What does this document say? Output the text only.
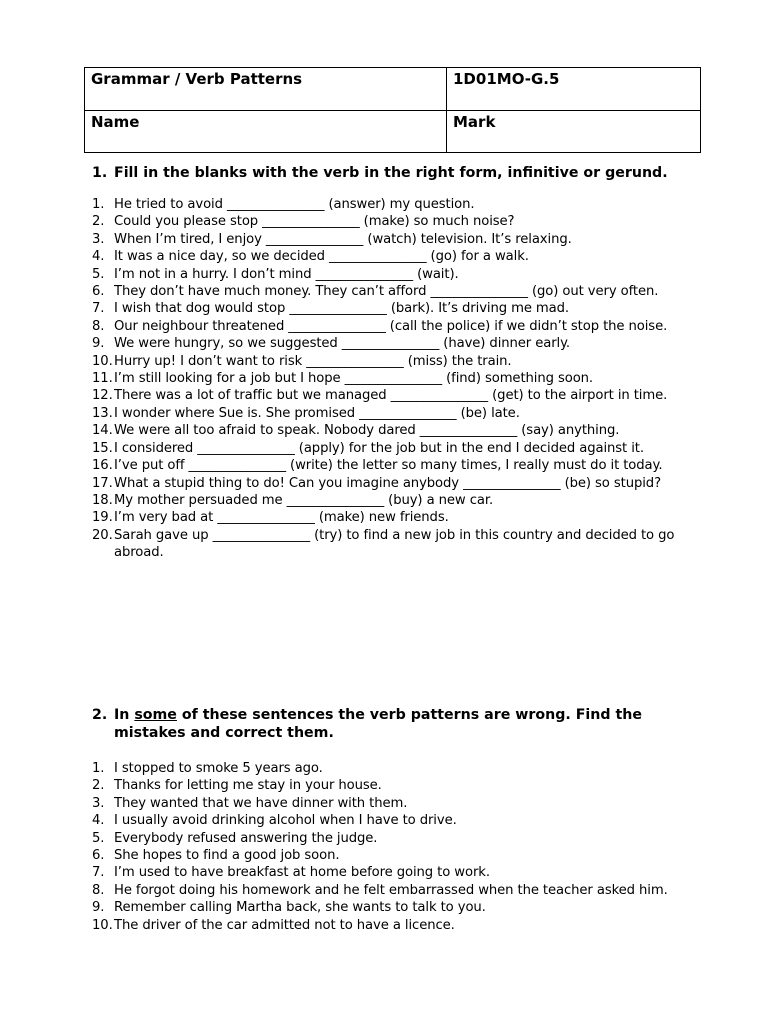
Grammar / Verb Patterns	1D01MO-G.5
Name	Mark
1. Fill in the blanks with the verb in the right form, infinitive or gerund.
1. He tried to avoid _______________ (answer) my question.
2. Could you please stop _______________ (make) so much noise?
3. When I’m tired, I enjoy _______________ (watch) television. It’s relaxing.
4. It was a nice day, so we decided _______________ (go) for a walk.
5. I’m not in a hurry. I don’t mind _______________ (wait).
6. They don’t have much money. They can’t afford _______________ (go) out very often.
7. I wish that dog would stop _______________ (bark). It’s driving me mad.
8. Our neighbour threatened _______________ (call the police) if we didn’t stop the noise.
9. We were hungry, so we suggested _______________ (have) dinner early.
10. Hurry up! I don’t want to risk _______________ (miss) the train.
11. I’m still looking for a job but I hope _______________ (find) something soon.
12. There was a lot of traffic but we managed _______________ (get) to the airport in time.
13. I wonder where Sue is. She promised _______________ (be) late.
14. We were all too afraid to speak. Nobody dared _______________ (say) anything.
15. I considered _______________ (apply) for the job but in the end I decided against it.
16. I’ve put off _______________ (write) the letter so many times, I really must do it today.
17. What a stupid thing to do! Can you imagine anybody _______________ (be) so stupid?
18. My mother persuaded me _______________ (buy) a new car.
19. I’m very bad at _______________ (make) new friends.
20. Sarah gave up _______________ (try) to find a new job in this country and decided to go abroad.
2. In some of these sentences the verb patterns are wrong. Find the mistakes and correct them.
1. I stopped to smoke 5 years ago.
2. Thanks for letting me stay in your house.
3. They wanted that we have dinner with them.
4. I usually avoid drinking alcohol when I have to drive.
5. Everybody refused answering the judge.
6. She hopes to find a good job soon.
7. I’m used to have breakfast at home before going to work.
8. He forgot doing his homework and he felt embarrassed when the teacher asked him.
9. Remember calling Martha back, she wants to talk to you.
10. The driver of the car admitted not to have a licence.
